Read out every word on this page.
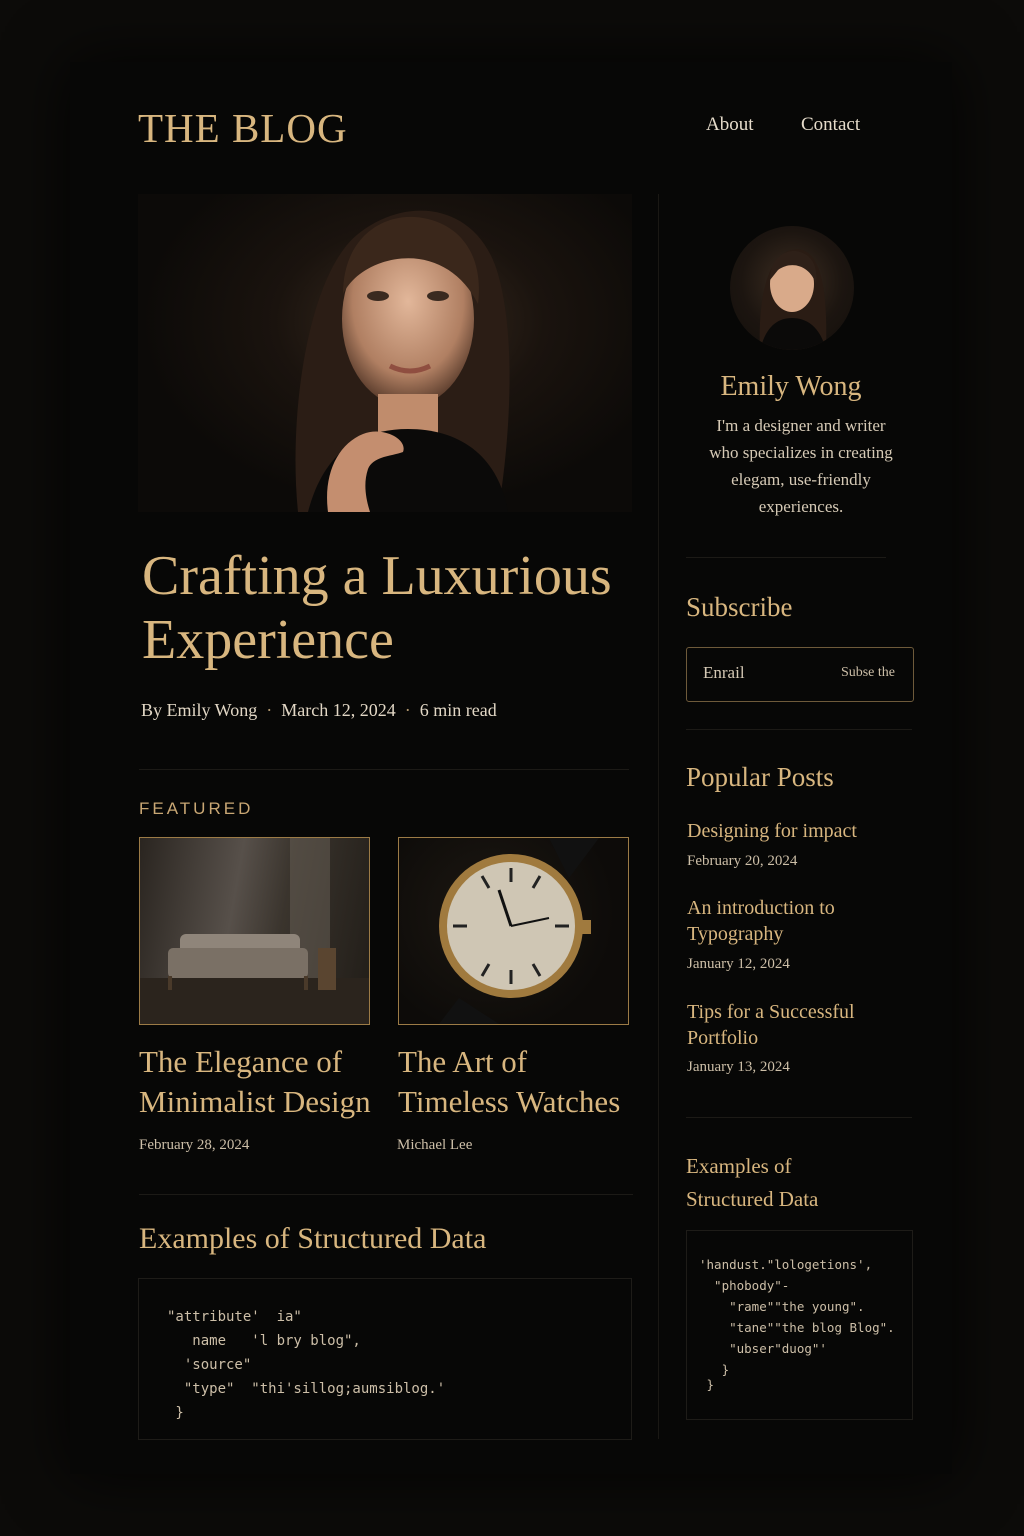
THE BLOG	About	Contact
Crafting a Luxurious
Experience
By Emily Wong · March 12, 2024 · 6 min read
FEATURED
The Elegance of Minimalist Design
The Art of Timeless Watches
February 28, 2024	Michael Lee
Examples of Structured Data
"attribute'  ia"
name   'l bry blog",
'source"
"type"  "thi'sillog;aumsiblog.'
}
Emily Wong
I'm a designer and writer who specializes in creating elegam, use-friendly experiences.
Subscribe
Enrail
Subse the
Popular Posts
Designing for impact
February 20, 2024
An introduction to Typography
January 12, 2024
Tips for a Successful Portfolio
January 13, 2024
Examples of
Structured Data
'handust."lologetions',
"phobody"-
"rame""the young".
"tane""the blog Blog".
"ubser"duog"'
}
}
